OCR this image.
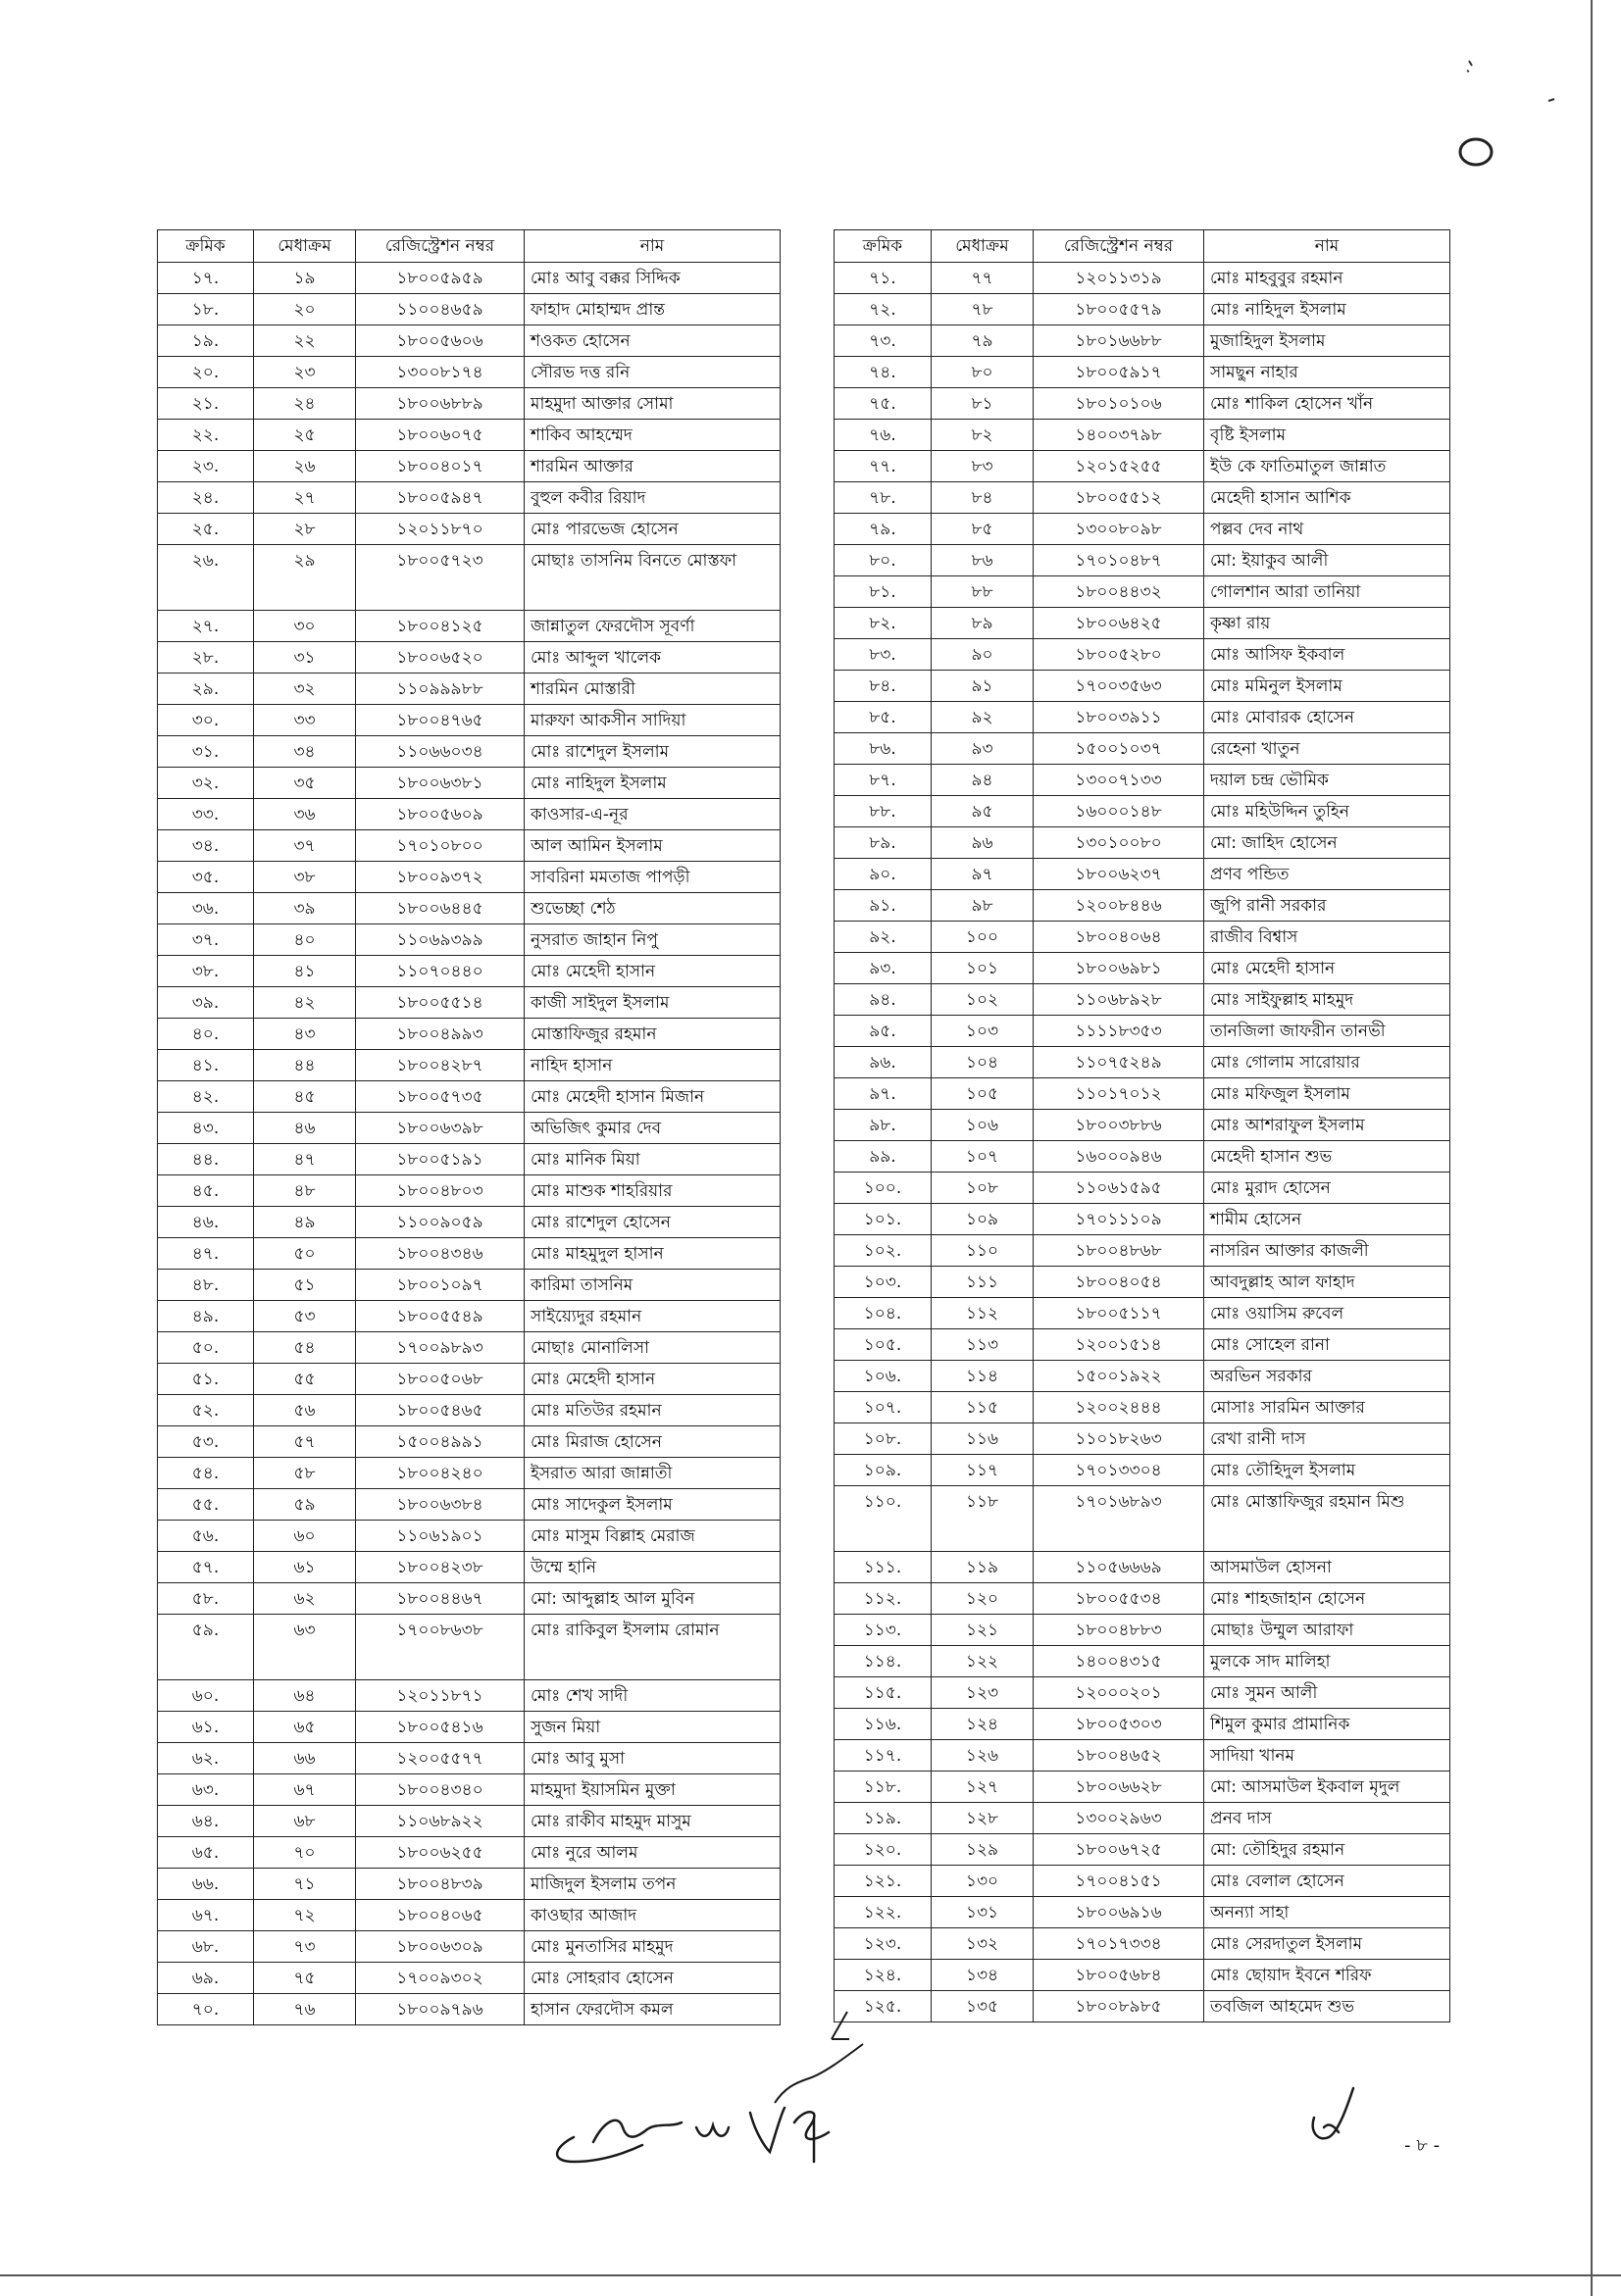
ক্রমিক	মেধাক্রম	রেজিস্ট্রেশন নম্বর	নাম
১৭.	১৯	১৮০০৫৯৫৯	মোঃ আবু বক্কর সিদ্দিক
১৮.	২০	১১০০৪৬৫৯	ফাহাদ মোহাম্মদ প্রান্ত
১৯.	২২	১৮০০৫৬০৬	শওকত হোসেন
২০.	২৩	১৩০০৮১৭৪	সৌরভ দত্ত রনি
২১.	২৪	১৮০০৬৮৮৯	মাহমুদা আক্তার সোমা
২২.	২৫	১৮০০৬০৭৫	শাকিব আহম্মেদ
২৩.	২৬	১৮০০৪০১৭	শারমিন আক্তার
২৪.	২৭	১৮০০৫৯৪৭	বুহুল কবীর রিয়াদ
২৫.	২৮	১২০১১৮৭০	মোঃ পারভেজ হোসেন
২৬.	২৯	১৮০০৫৭২৩	মোছাঃ তাসনিম বিনতে মোস্তফা
২৭.	৩০	১৮০০৪১২৫	জান্নাতুল ফেরদৌস সূবর্ণা
২৮.	৩১	১৮০০৬৫২০	মোঃ আব্দুল খালেক
২৯.	৩২	১১০৯৯৯৮৮	শারমিন মোস্তারী
৩০.	৩৩	১৮০০৪৭৬৫	মারুফা আকসীন সাদিয়া
৩১.	৩৪	১১০৬৬০৩৪	মোঃ রাশেদুল ইসলাম
৩২.	৩৫	১৮০০৬৩৮১	মোঃ নাহিদুল ইসলাম
৩৩.	৩৬	১৮০০৫৬০৯	কাওসার-এ-নূর
৩৪.	৩৭	১৭০১০৮০০	আল আমিন ইসলাম
৩৫.	৩৮	১৮০০৯৩৭২	সাবরিনা মমতাজ পাপড়ী
৩৬.	৩৯	১৮০০৬৪৪৫	শুভেচ্ছা শেঠ
৩৭.	৪০	১১০৬৯৩৯৯	নুসরাত জাহান নিপু
৩৮.	৪১	১১০৭০৪৪০	মোঃ মেহেদী হাসান
৩৯.	৪২	১৮০০৫৫১৪	কাজী সাইদুল ইসলাম
৪০.	৪৩	১৮০০৪৯৯৩	মোস্তাফিজুর রহমান
৪১.	৪৪	১৮০০৪২৮৭	নাহিদ হাসান
৪২.	৪৫	১৮০০৫৭৩৫	মোঃ মেহেদী হাসান মিজান
৪৩.	৪৬	১৮০০৬৩৯৮	অভিজিৎ কুমার দেব
৪৪.	৪৭	১৮০০৫১৯১	মোঃ মানিক মিয়া
৪৫.	৪৮	১৮০০৪৮০৩	মোঃ মাশুক শাহরিয়ার
৪৬.	৪৯	১১০০৯০৫৯	মোঃ রাশেদুল হোসেন
৪৭.	৫০	১৮০০৪৩৪৬	মোঃ মাহমুদুল হাসান
৪৮.	৫১	১৮০০১০৯৭	কারিমা তাসনিম
৪৯.	৫৩	১৮০০৫৫৪৯	সাইয়্যেদুর রহমান
৫০.	৫৪	১৭০০৯৮৯৩	মোছাঃ মোনালিসা
৫১.	৫৫	১৮০০৫০৬৮	মোঃ মেহেদী হাসান
৫২.	৫৬	১৮০০৫৪৬৫	মোঃ মতিউর রহমান
৫৩.	৫৭	১৫০০৪৯৯১	মোঃ মিরাজ হোসেন
৫৪.	৫৮	১৮০০৪২৪০	ইসরাত আরা জান্নাতী
৫৫.	৫৯	১৮০০৬৩৮৪	মোঃ সাদেকুল ইসলাম
৫৬.	৬০	১১০৬১৯০১	মোঃ মাসুম বিল্লাহ মেরাজ
৫৭.	৬১	১৮০০৪২৩৮	উম্মে হানি
৫৮.	৬২	১৮০০৪৪৬৭	মো: আব্দুল্লাহ আল মুবিন
৫৯.	৬৩	১৭০০৮৬৩৮	মোঃ রাকিবুল ইসলাম রোমান
৬০.	৬৪	১২০১১৮৭১	মোঃ শেখ সাদী
৬১.	৬৫	১৮০০৫৪১৬	সুজন মিয়া
৬২.	৬৬	১২০০৫৫৭৭	মোঃ আবু মুসা
৬৩.	৬৭	১৮০০৪৩৪০	মাহমুদা ইয়াসমিন মুক্তা
৬৪.	৬৮	১১০৬৮৯২২	মোঃ রাকীব মাহমুদ মাসুম
৬৫.	৭০	১৮০০৬২৫৫	মোঃ নুরে আলম
৬৬.	৭১	১৮০০৪৮৩৯	মাজিদুল ইসলাম তপন
৬৭.	৭২	১৮০০৪০৬৫	কাওছার আজাদ
৬৮.	৭৩	১৮০০৬৩০৯	মোঃ মুনতাসির মাহমুদ
৬৯.	৭৫	১৭০০৯৩০২	মোঃ সোহরাব হোসেন
৭০.	৭৬	১৮০০৯৭৯৬	হাসান ফেরদৌস কমল
ক্রমিক	মেধাক্রম	রেজিস্ট্রেশন নম্বর	নাম
৭১.	৭৭	১২০১১৩১৯	মোঃ মাহবুবুর রহমান
৭২.	৭৮	১৮০০৫৫৭৯	মোঃ নাহিদুল ইসলাম
৭৩.	৭৯	১৮০১৬৬৮৮	মুজাহিদুল ইসলাম
৭৪.	৮০	১৮০০৫৯১৭	সামছুন নাহার
৭৫.	৮১	১৮০১০১০৬	মোঃ শাকিল হোসেন খাঁন
৭৬.	৮২	১৪০০৩৭৯৮	বৃষ্টি ইসলাম
৭৭.	৮৩	১২০১৫২৫৫	ইউ কে ফাতিমাতুল জান্নাত
৭৮.	৮৪	১৮০০৫৫১২	মেহেদী হাসান আশিক
৭৯.	৮৫	১৩০০৮০৯৮	পল্লব দেব নাথ
৮০.	৮৬	১৭০১০৪৮৭	মো: ইয়াকুব আলী
৮১.	৮৮	১৮০০৪৪৩২	গোলশান আরা তানিয়া
৮২.	৮৯	১৮০০৬৪২৫	কৃষ্ণা রায়
৮৩.	৯০	১৮০০৫২৮০	মোঃ আসিফ ইকবাল
৮৪.	৯১	১৭০০৩৫৬৩	মোঃ মমিনুল ইসলাম
৮৫.	৯২	১৮০০৩৯১১	মোঃ মোবারক হোসেন
৮৬.	৯৩	১৫০০১০৩৭	রেহেনা খাতুন
৮৭.	৯৪	১৩০০৭১৩৩	দয়াল চন্দ্র ভৌমিক
৮৮.	৯৫	১৬০০০১৪৮	মোঃ মহিউদ্দিন তুহিন
৮৯.	৯৬	১৩০১০০৮০	মো: জাহিদ হোসেন
৯০.	৯৭	১৮০০৬২৩৭	প্রণব পন্ডিত
৯১.	৯৮	১২০০৮৪৪৬	জুপি রানী সরকার
৯২.	১০০	১৮০০৪০৬৪	রাজীব বিশ্বাস
৯৩.	১০১	১৮০০৬৯৮১	মোঃ মেহেদী হাসান
৯৪.	১০২	১১০৬৮৯২৮	মোঃ সাইফুল্লাহ মাহমুদ
৯৫.	১০৩	১১১১৮৩৫৩	তানজিলা জাফরীন তানভী
৯৬.	১০৪	১১০৭৫২৪৯	মোঃ গোলাম সারোয়ার
৯৭.	১০৫	১১০১৭০১২	মোঃ মফিজুল ইসলাম
৯৮.	১০৬	১৮০০৩৮৮৬	মোঃ আশরাফুল ইসলাম
৯৯.	১০৭	১৬০০০৯৪৬	মেহেদী হাসান শুভ
১০০.	১০৮	১১০৬১৫৯৫	মোঃ মুরাদ হোসেন
১০১.	১০৯	১৭০১১১০৯	শামীম হোসেন
১০২.	১১০	১৮০০৪৮৬৮	নাসরিন আক্তার কাজলী
১০৩.	১১১	১৮০০৪০৫৪	আবদুল্লাহ আল ফাহাদ
১০৪.	১১২	১৮০০৫১১৭	মোঃ ওয়াসিম রুবেল
১০৫.	১১৩	১২০০১৫১৪	মোঃ সোহেল রানা
১০৬.	১১৪	১৫০০১৯২২	অরভিন সরকার
১০৭.	১১৫	১২০০২৪৪৪	মোসাঃ সারমিন আক্তার
১০৮.	১১৬	১১০১৮২৬৩	রেখা রানী দাস
১০৯.	১১৭	১৭০১৩৩০৪	মোঃ তৌহিদুল ইসলাম
১১০.	১১৮	১৭০১৬৮৯৩	মোঃ মোস্তাফিজুর রহমান মিশু
১১১.	১১৯	১১০৫৬৬৬৯	আসমাউল হোসনা
১১২.	১২০	১৮০০৫৫৩৪	মোঃ শাহজাহান হোসেন
১১৩.	১২১	১৮০০৪৮৮৩	মোছাঃ উম্মুল আরাফা
১১৪.	১২২	১৪০০৪৩১৫	মুলকে সাদ মালিহা
১১৫.	১২৩	১২০০০২০১	মোঃ সুমন আলী
১১৬.	১২৪	১৮০০৫৩০৩	শিমুল কুমার প্রামানিক
১১৭.	১২৬	১৮০০৪৬৫২	সাদিয়া খানম
১১৮.	১২৭	১৮০০৬৬২৮	মো: আসমাউল ইকবাল মৃদুল
১১৯.	১২৮	১৩০০২৯৬৩	প্রনব দাস
১২০.	১২৯	১৮০০৬৭২৫	মো: তৌহিদুর রহমান
১২১.	১৩০	১৭০০৪১৫১	মোঃ বেলাল হোসেন
১২২.	১৩১	১৮০০৬৯১৬	অনন্যা সাহা
১২৩.	১৩২	১৭০১৭৩৩৪	মোঃ সেরদাতুল ইসলাম
১২৪.	১৩৪	১৮০০৫৬৮৪	মোঃ ছোয়াদ ইবনে শরিফ
১২৫.	১৩৫	১৮০০৮৯৮৫	তবজিল আহমেদ শুভ
- ৮ -
